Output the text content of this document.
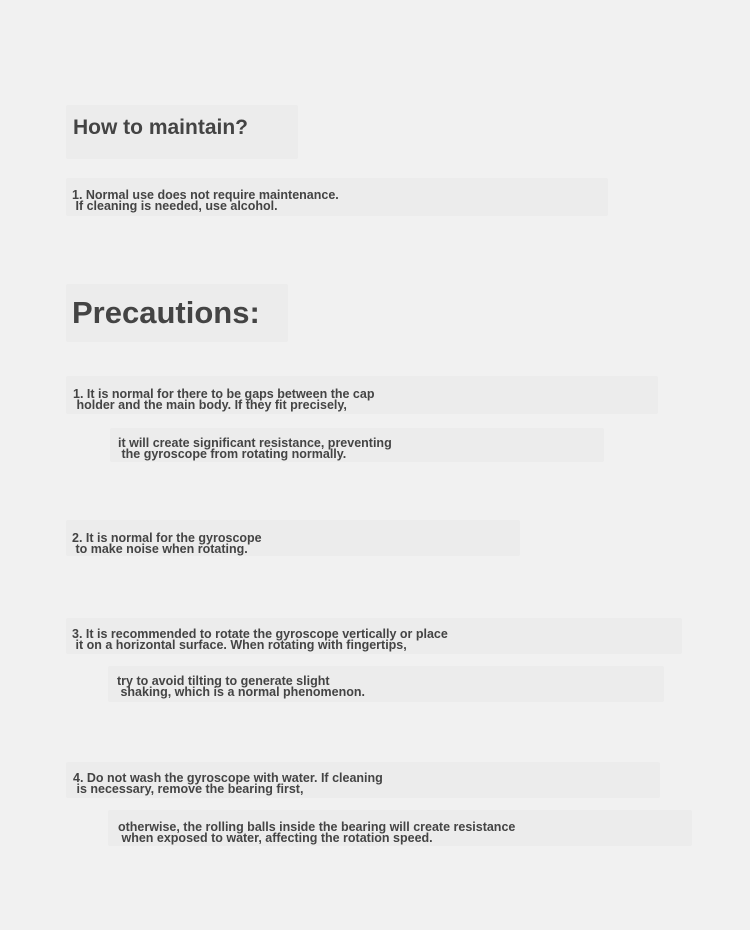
How to maintain?
1. Normal use does not require maintenance.
If cleaning is needed, use alcohol.
Precautions:
1. It is normal for there to be gaps between the cap
holder and the main body. If they fit precisely,
it will create significant resistance, preventing
the gyroscope from rotating normally.
2. It is normal for the gyroscope
to make noise when rotating.
3. It is recommended to rotate the gyroscope vertically or place
it on a horizontal surface. When rotating with fingertips,
try to avoid tilting to generate slight
shaking, which is a normal phenomenon.
4. Do not wash the gyroscope with water. If cleaning
is necessary, remove the bearing first,
otherwise, the rolling balls inside the bearing will create resistance
when exposed to water, affecting the rotation speed.
